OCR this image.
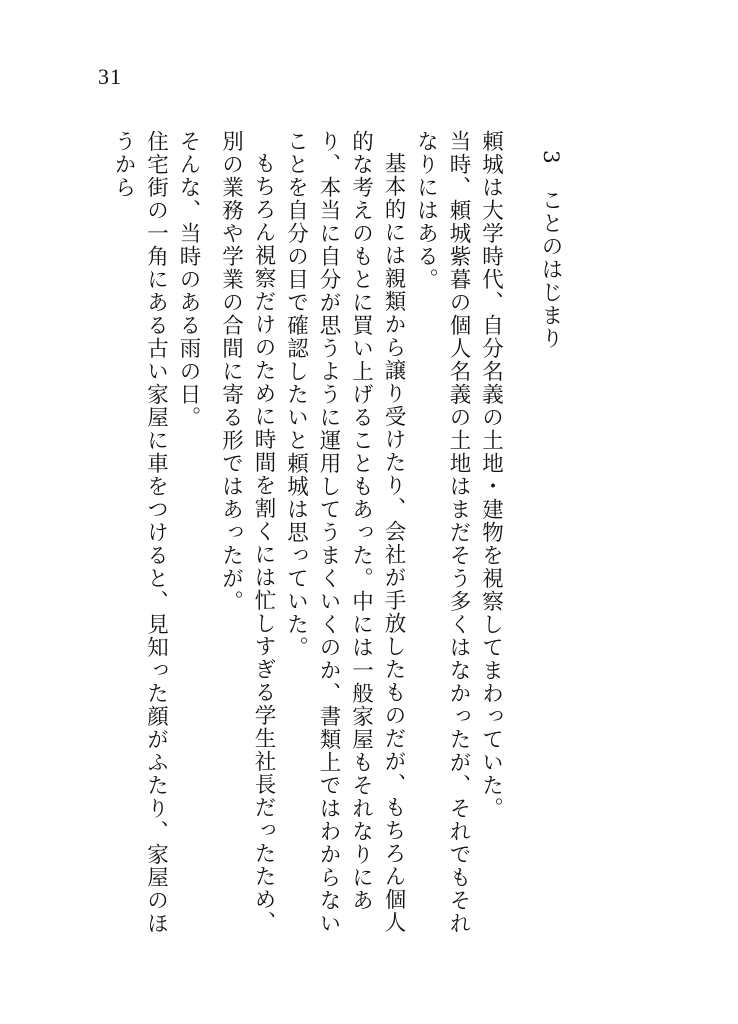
31
3ことのはじまり

頼城は大学時代、自分名義の土地・建物を視察してまわっていた。

当時、頼城紫暮の個人名義の土地はまだそう多くはなかったが、それでもそれなりにはある。

基本的には親類から譲り受けたり、会社が手放したものだが、もちろん個人的な考えのもとに買い上げることもあった。中には一般家屋もそれなりにあり、本当に自分が思うように運用してうまくいくのか、書類上ではわからないことを自分の目で確認したいと頼城は思っていた。

もちろん視察だけのために時間を割くには忙しすぎる学生社長だったため、別の業務や学業の合間に寄る形ではあったが。

そんな、当時のある雨の日。

住宅街の一角にある古い家屋に車をつけると、見知った顔がふたり、家屋のほうから
